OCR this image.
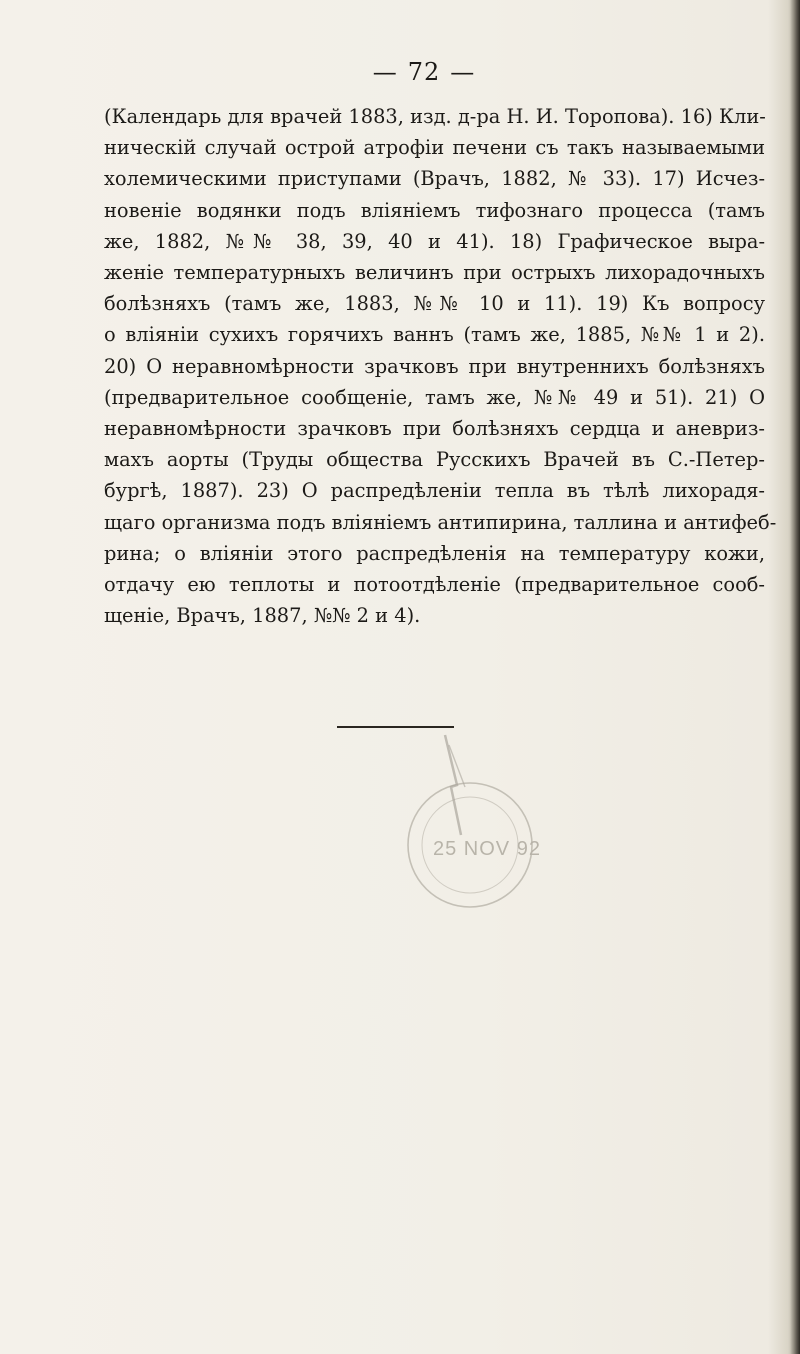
— 72 —

(Календарь для врачей 1883, изд. д-ра Н. И. Торопова). 16) Кли-
ническій случай острой атрофіи печени съ такъ называемыми
холемическими приступами (Врачъ, 1882, № 33). 17) Исчез-
новеніе водянки подъ вліяніемъ тифознаго процесса (тамъ
же, 1882, №№ 38, 39, 40 и 41). 18) Графическое выра-
женіе температурныхъ величинъ при острыхъ лихорадочныхъ
болѣзняхъ (тамъ же, 1883, №№ 10 и 11). 19) Къ вопросу
о вліяніи сухихъ горячихъ ваннъ (тамъ же, 1885, №№ 1 и 2).
20) О неравномѣрности зрачковъ при внутреннихъ болѣзняхъ
(предварительное сообщеніе, тамъ же, №№ 49 и 51). 21) О
неравномѣрности зрачковъ при болѣзняхъ сердца и аневриз-
махъ аорты (Труды общества Русскихъ Врачей въ С.-Петер-
бургѣ, 1887). 23) О распредѣленіи тепла въ тѣлѣ лихорадя-
щаго организма подъ вліяніемъ антипирина, таллина и антифеб-
рина; о вліяніи этого распредѣленія на температуру кожи,
отдачу ею теплоты и потоотдѣленіе (предварительное сооб-
щеніе, Врачъ, 1887, №№ 2 и 4).

25 NOV 92
